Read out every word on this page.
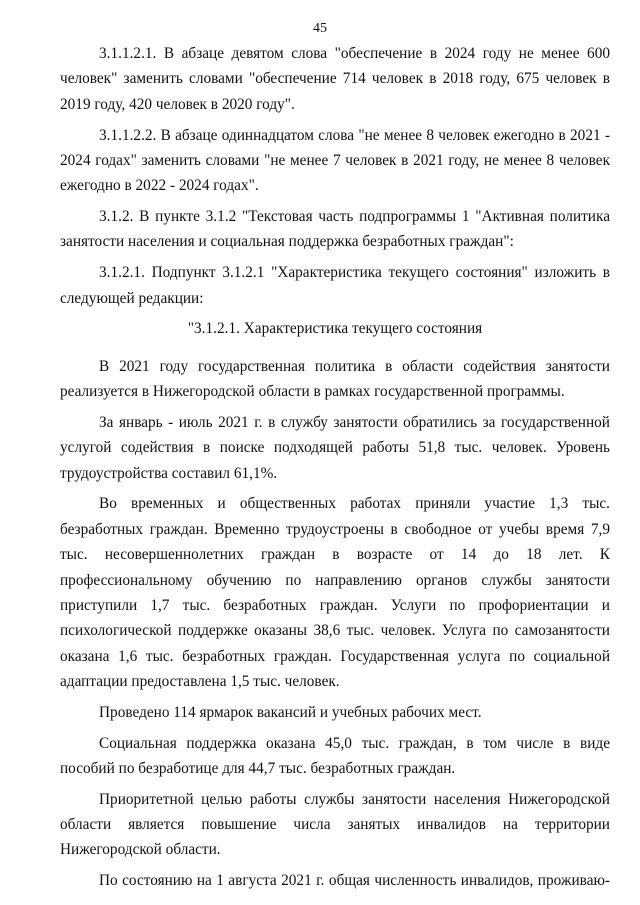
45

3.1.1.2.1. В абзаце девятом слова "обеспечение в 2024 году не менее 600 человек" заменить словами "обеспечение 714 человек в 2018 году, 675 человек в 2019 году, 420 человек в 2020 году".

3.1.1.2.2. В абзаце одиннадцатом слова "не менее 8 человек ежегодно в 2021 - 2024 годах" заменить словами "не менее 7 человек в 2021 году, не менее 8 человек ежегодно в 2022 - 2024 годах".

3.1.2. В пункте 3.1.2 "Текстовая часть подпрограммы 1 "Активная политика занятости населения и социальная поддержка безработных граждан":

3.1.2.1. Подпункт 3.1.2.1 "Характеристика текущего состояния" изложить в следующей редакции:

"3.1.2.1. Характеристика текущего состояния

В 2021 году государственная политика в области содействия занятости реализуется в Нижегородской области в рамках государственной программы.

За январь - июль 2021 г. в службу занятости обратились за государственной услугой содействия в поиске подходящей работы 51,8 тыс. человек. Уровень трудоустройства составил 61,1%.

Во временных и общественных работах приняли участие 1,3 тыс. безработных граждан. Временно трудоустроены в свободное от учебы время 7,9 тыс. несовершеннолетних граждан в возрасте от 14 до 18 лет. К профессиональному обучению по направлению органов службы занятости приступили 1,7 тыс. безработных граждан. Услуги по профориентации и психологической поддержке оказаны 38,6 тыс. человек. Услуга по самозанятости оказана 1,6 тыс. безработных граждан. Государственная услуга по социальной адаптации предоставлена 1,5 тыс. человек.

Проведено 114 ярмарок вакансий и учебных рабочих мест.

Социальная поддержка оказана 45,0 тыс. граждан, в том числе в виде пособий по безработице для 44,7 тыс. безработных граждан.

Приоритетной целью работы службы занятости населения Нижегородской области является повышение числа занятых инвалидов на территории Нижегородской области.

По состоянию на 1 августа 2021 г. общая численность инвалидов, проживаю-
